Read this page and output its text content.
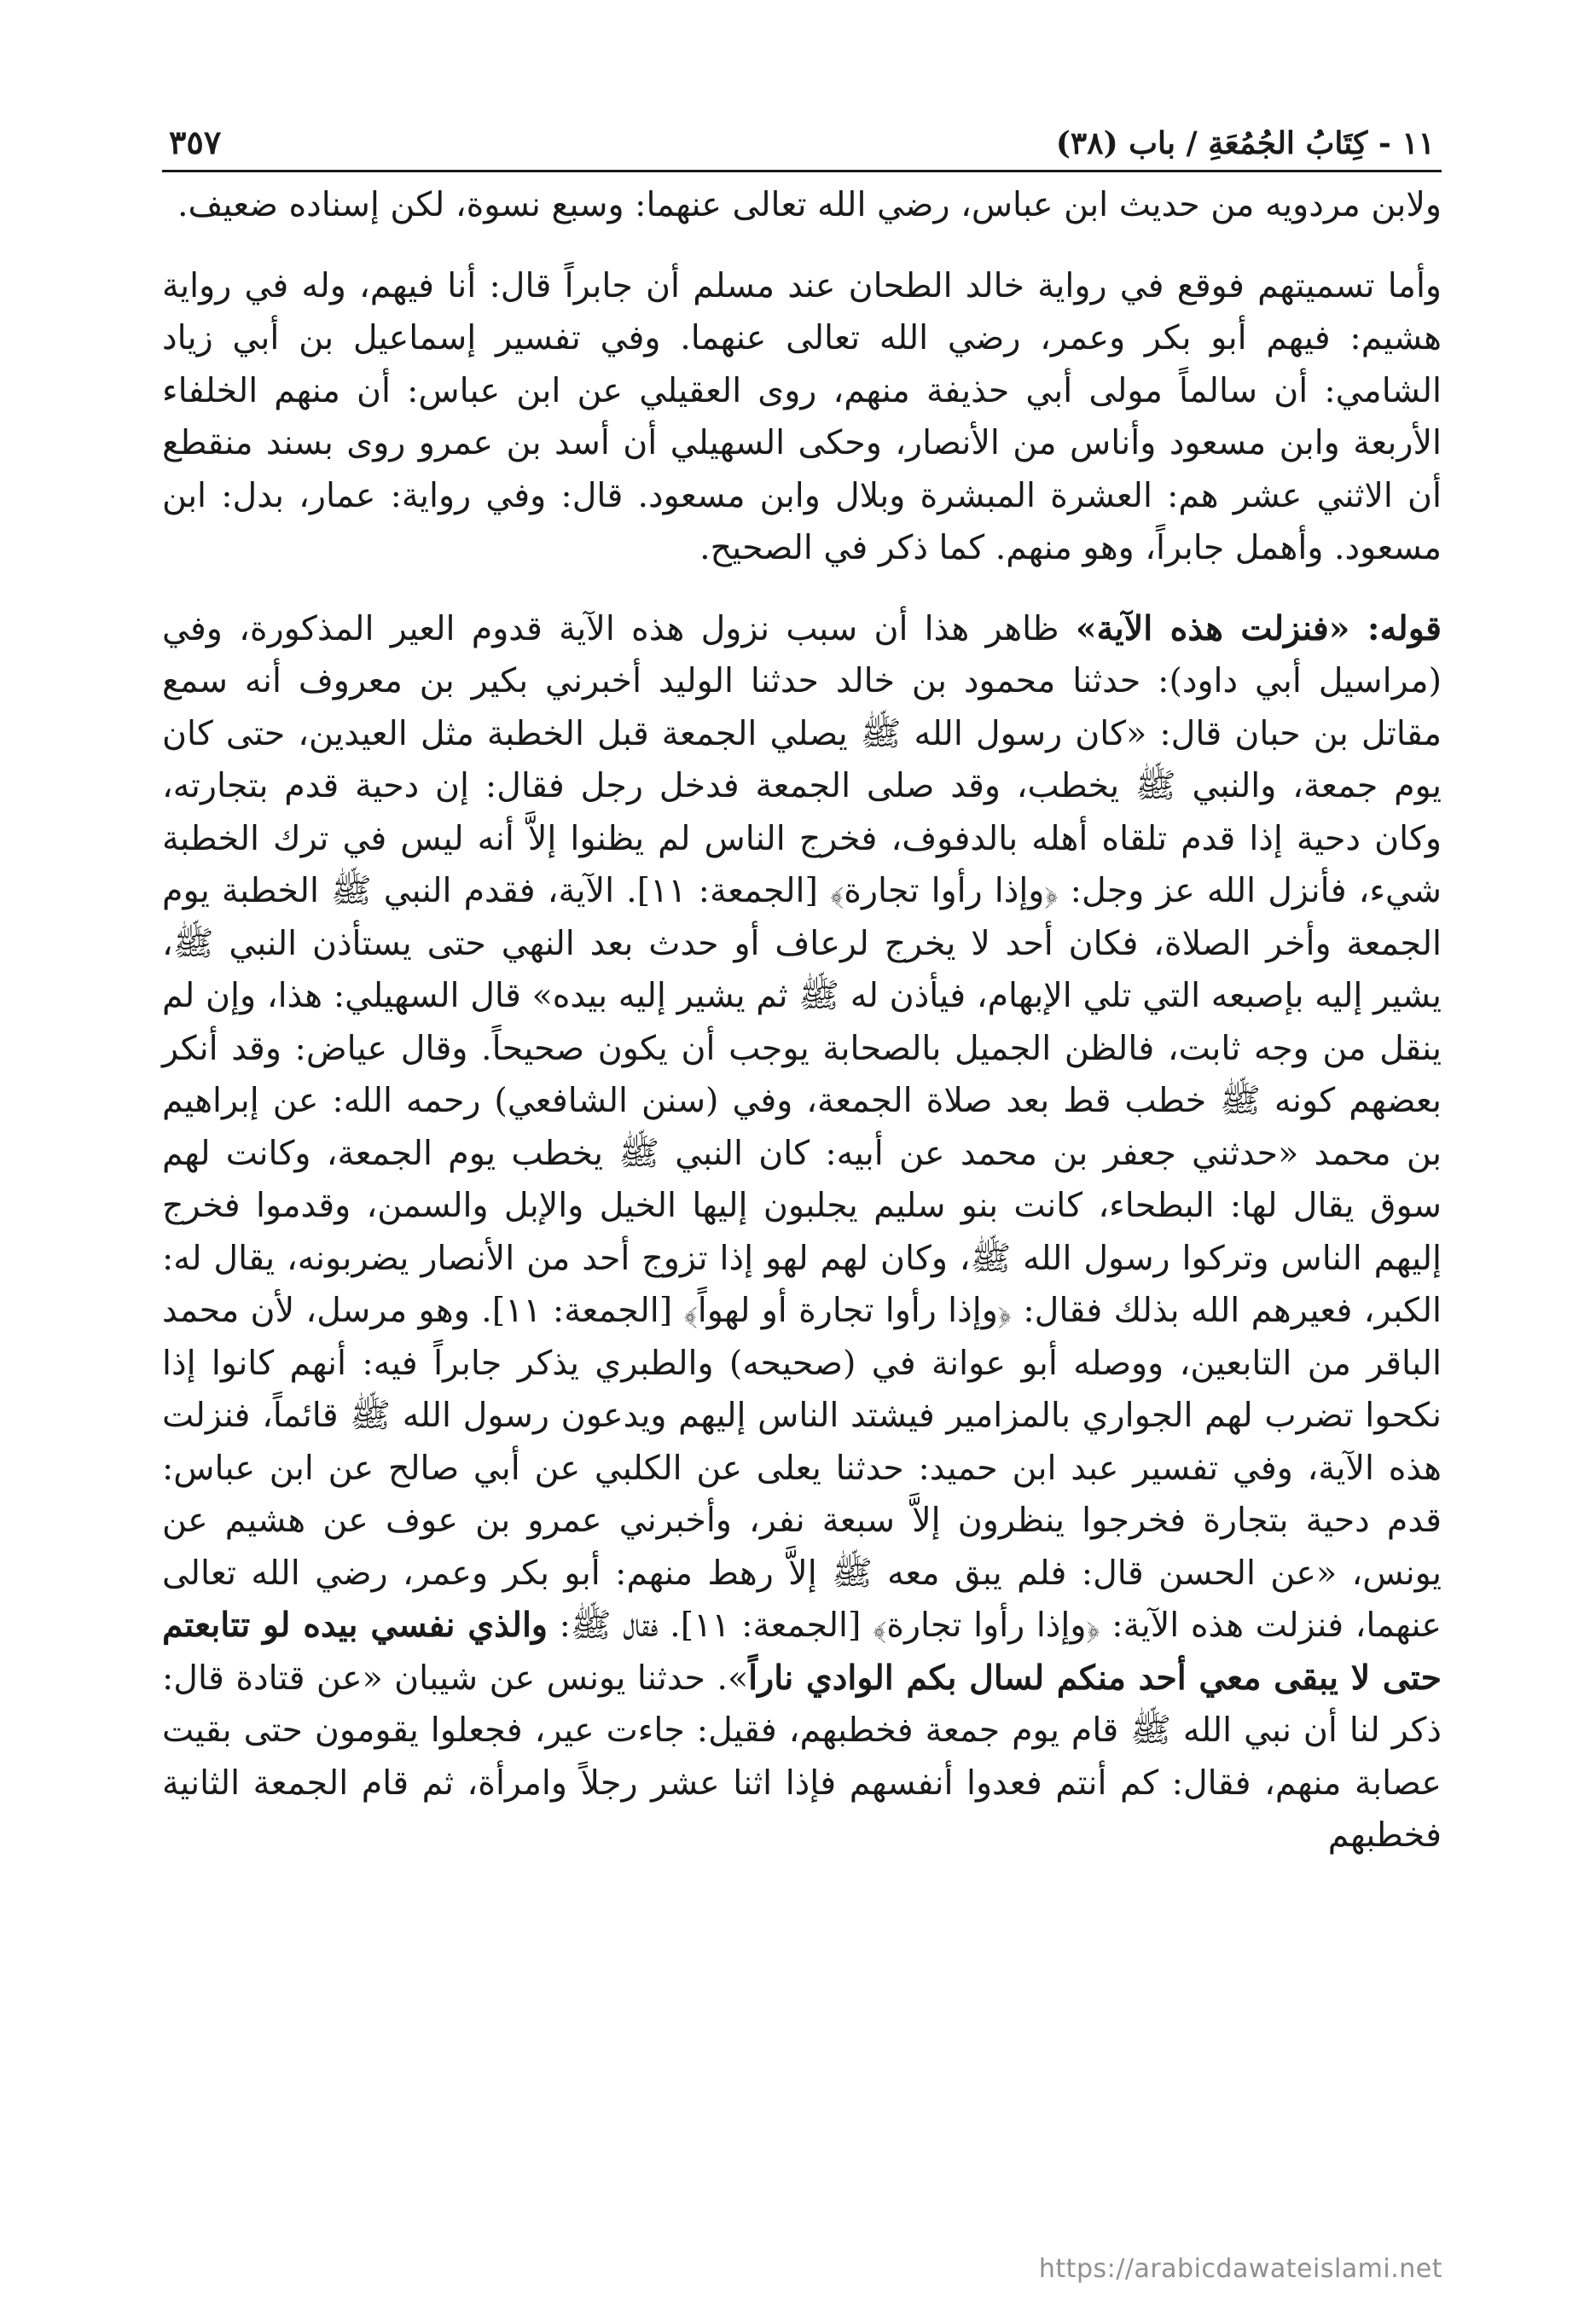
١١ - كِتَابُ الجُمُعَةِ / باب (٣٨)
٣٥٧

ولابن مردويه من حديث ابن عباس، رضي الله تعالى عنهما: وسبع نسوة، لكن إسناده ضعيف.

وأما تسميتهم فوقع في رواية خالد الطحان عند مسلم أن جابراً قال: أنا فيهم، وله في رواية هشيم: فيهم أبو بكر وعمر، رضي الله تعالى عنهما. وفي تفسير إسماعيل بن أبي زياد الشامي: أن سالماً مولى أبي حذيفة منهم، روى العقيلي عن ابن عباس: أن منهم الخلفاء الأربعة وابن مسعود وأناس من الأنصار، وحكى السهيلي أن أسد بن عمرو روى بسند منقطع أن الاثني عشر هم: العشرة المبشرة وبلال وابن مسعود. قال: وفي رواية: عمار، بدل: ابن مسعود. وأهمل جابراً، وهو منهم. كما ذكر في الصحيح.

قوله: «فنزلت هذه الآية» ظاهر هذا أن سبب نزول هذه الآية قدوم العير المذكورة، وفي (مراسيل أبي داود): حدثنا محمود بن خالد حدثنا الوليد أخبرني بكير بن معروف أنه سمع مقاتل بن حبان قال: «كان رسول الله ﷺ يصلي الجمعة قبل الخطبة مثل العيدين، حتى كان يوم جمعة، والنبي ﷺ يخطب، وقد صلى الجمعة فدخل رجل فقال: إن دحية قدم بتجارته، وكان دحية إذا قدم تلقاه أهله بالدفوف، فخرج الناس لم يظنوا إلاَّ أنه ليس في ترك الخطبة شيء، فأنزل الله عز وجل: ﴿وإذا رأوا تجارة﴾ [الجمعة: ١١]. الآية، فقدم النبي ﷺ الخطبة يوم الجمعة وأخر الصلاة، فكان أحد لا يخرج لرعاف أو حدث بعد النهي حتى يستأذن النبي ﷺ، يشير إليه بإصبعه التي تلي الإبهام، فيأذن له ﷺ ثم يشير إليه بيده» قال السهيلي: هذا، وإن لم ينقل من وجه ثابت، فالظن الجميل بالصحابة يوجب أن يكون صحيحاً. وقال عياض: وقد أنكر بعضهم كونه ﷺ خطب قط بعد صلاة الجمعة، وفي (سنن الشافعي) رحمه الله: عن إبراهيم بن محمد «حدثني جعفر بن محمد عن أبيه: كان النبي ﷺ يخطب يوم الجمعة، وكانت لهم سوق يقال لها: البطحاء، كانت بنو سليم يجلبون إليها الخيل والإبل والسمن، وقدموا فخرج إليهم الناس وتركوا رسول الله ﷺ، وكان لهم لهو إذا تزوج أحد من الأنصار يضربونه، يقال له: الكبر، فعيرهم الله بذلك فقال: ﴿وإذا رأوا تجارة أو لهواً﴾ [الجمعة: ١١]. وهو مرسل، لأن محمد الباقر من التابعين، ووصله أبو عوانة في (صحيحه) والطبري يذكر جابراً فيه: أنهم كانوا إذا نكحوا تضرب لهم الجواري بالمزامير فيشتد الناس إليهم ويدعون رسول الله ﷺ قائماً، فنزلت هذه الآية، وفي تفسير عبد ابن حميد: حدثنا يعلى عن الكلبي عن أبي صالح عن ابن عباس: قدم دحية بتجارة فخرجوا ينظرون إلاَّ سبعة نفر، وأخبرني عمرو بن عوف عن هشيم عن يونس، «عن الحسن قال: فلم يبق معه ﷺ إلاَّ رهط منهم: أبو بكر وعمر، رضي الله تعالى عنهما، فنزلت هذه الآية: ﴿وإذا رأوا تجارة﴾ [الجمعة: ١١]. فقال ﷺ: والذي نفسي بيده لو تتابعتم حتى لا يبقى معي أحد منكم لسال بكم الوادي ناراً». حدثنا يونس عن شيبان «عن قتادة قال: ذكر لنا أن نبي الله ﷺ قام يوم جمعة فخطبهم، فقيل: جاءت عير، فجعلوا يقومون حتى بقيت عصابة منهم، فقال: كم أنتم فعدوا أنفسهم فإذا اثنا عشر رجلاً وامرأة، ثم قام الجمعة الثانية فخطبهم

https://arabicdawateislami.net
